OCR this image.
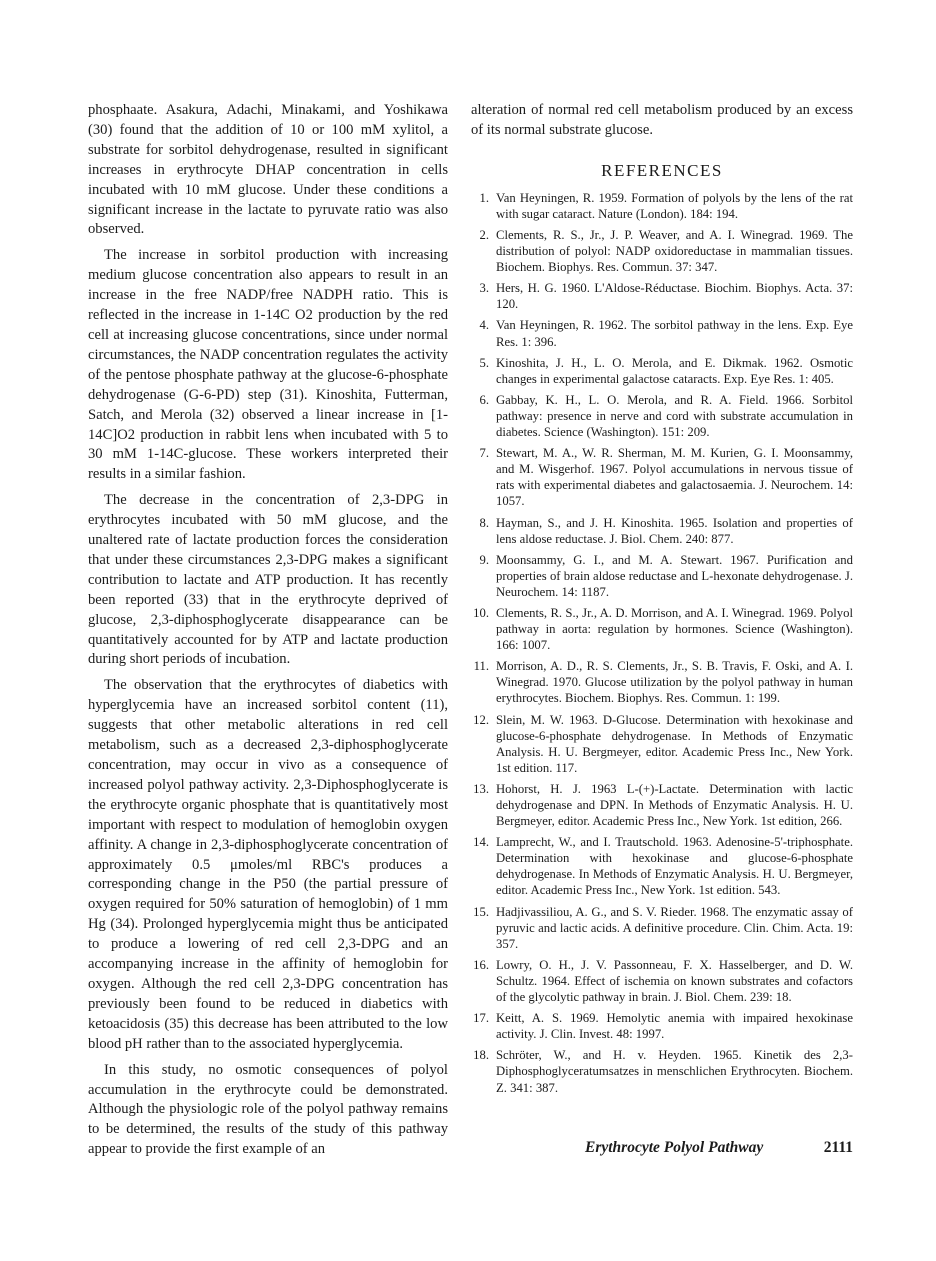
phosphaate. Asakura, Adachi, Minakami, and Yoshikawa (30) found that the addition of 10 or 100 mM xylitol, a substrate for sorbitol dehydrogenase, resulted in significant increases in erythrocyte DHAP concentration in cells incubated with 10 mM glucose. Under these conditions a significant increase in the lactate to pyruvate ratio was also observed.

The increase in sorbitol production with increasing medium glucose concentration also appears to result in an increase in the free NADP/free NADPH ratio. This is reflected in the increase in 1-14C O2 production by the red cell at increasing glucose concentrations, since under normal circumstances, the NADP concentration regulates the activity of the pentose phosphate pathway at the glucose-6-phosphate dehydrogenase (G-6-PD) step (31). Kinoshita, Futterman, Satch, and Merola (32) observed a linear increase in [1-14C]O2 production in rabbit lens when incubated with 5 to 30 mM 1-14C-glucose. These workers interpreted their results in a similar fashion.

The decrease in the concentration of 2,3-DPG in erythrocytes incubated with 50 mM glucose, and the unaltered rate of lactate production forces the consideration that under these circumstances 2,3-DPG makes a significant contribution to lactate and ATP production. It has recently been reported (33) that in the erythrocyte deprived of glucose, 2,3-diphosphoglycerate disappearance can be quantitatively accounted for by ATP and lactate production during short periods of incubation.

The observation that the erythrocytes of diabetics with hyperglycemia have an increased sorbitol content (11), suggests that other metabolic alterations in red cell metabolism, such as a decreased 2,3-diphosphoglycerate concentration, may occur in vivo as a consequence of increased polyol pathway activity. 2,3-Diphosphoglycerate is the erythrocyte organic phosphate that is quantitatively most important with respect to modulation of hemoglobin oxygen affinity. A change in 2,3-diphosphoglycerate concentration of approximately 0.5 μmoles/ml RBC's produces a corresponding change in the P50 (the partial pressure of oxygen required for 50% saturation of hemoglobin) of 1 mm Hg (34). Prolonged hyperglycemia might thus be anticipated to produce a lowering of red cell 2,3-DPG and an accompanying increase in the affinity of hemoglobin for oxygen. Although the red cell 2,3-DPG concentration has previously been found to be reduced in diabetics with ketoacidosis (35) this decrease has been attributed to the low blood pH rather than to the associated hyperglycemia.

In this study, no osmotic consequences of polyol accumulation in the erythrocyte could be demonstrated. Although the physiologic role of the polyol pathway remains to be determined, the results of the study of this pathway appear to provide the first example of an

alteration of normal red cell metabolism produced by an excess of its normal substrate glucose.

REFERENCES
1. Van Heyningen, R. 1959. Formation of polyols by the lens of the rat with sugar cataract. Nature (London). 184: 194.
2. Clements, R. S., Jr., J. P. Weaver, and A. I. Winegrad. 1969. The distribution of polyol: NADP oxidoreductase in mammalian tissues. Biochem. Biophys. Res. Commun. 37: 347.
3. Hers, H. G. 1960. L'Aldose-Réductase. Biochim. Biophys. Acta. 37: 120.
4. Van Heyningen, R. 1962. The sorbitol pathway in the lens. Exp. Eye Res. 1: 396.
5. Kinoshita, J. H., L. O. Merola, and E. Dikmak. 1962. Osmotic changes in experimental galactose cataracts. Exp. Eye Res. 1: 405.
6. Gabbay, K. H., L. O. Merola, and R. A. Field. 1966. Sorbitol pathway: presence in nerve and cord with substrate accumulation in diabetes. Science (Washington). 151: 209.
7. Stewart, M. A., W. R. Sherman, M. M. Kurien, G. I. Moonsammy, and M. Wisgerhof. 1967. Polyol accumulations in nervous tissue of rats with experimental diabetes and galactosaemia. J. Neurochem. 14: 1057.
8. Hayman, S., and J. H. Kinoshita. 1965. Isolation and properties of lens aldose reductase. J. Biol. Chem. 240: 877.
9. Moonsammy, G. I., and M. A. Stewart. 1967. Purification and properties of brain aldose reductase and L-hexonate dehydrogenase. J. Neurochem. 14: 1187.
10. Clements, R. S., Jr., A. D. Morrison, and A. I. Winegrad. 1969. Polyol pathway in aorta: regulation by hormones. Science (Washington). 166: 1007.
11. Morrison, A. D., R. S. Clements, Jr., S. B. Travis, F. Oski, and A. I. Winegrad. 1970. Glucose utilization by the polyol pathway in human erythrocytes. Biochem. Biophys. Res. Commun. 1: 199.
12. Slein, M. W. 1963. D-Glucose. Determination with hexokinase and glucose-6-phosphate dehydrogenase. In Methods of Enzymatic Analysis. H. U. Bergmeyer, editor. Academic Press Inc., New York. 1st edition. 117.
13. Hohorst, H. J. 1963 L-(+)-Lactate. Determination with lactic dehydrogenase and DPN. In Methods of Enzymatic Analysis. H. U. Bergmeyer, editor. Academic Press Inc., New York. 1st edition, 266.
14. Lamprecht, W., and I. Trautschold. 1963. Adenosine-5'-triphosphate. Determination with hexokinase and glucose-6-phosphate dehydrogenase. In Methods of Enzymatic Analysis. H. U. Bergmeyer, editor. Academic Press Inc., New York. 1st edition. 543.
15. Hadjivassiliou, A. G., and S. V. Rieder. 1968. The enzymatic assay of pyruvic and lactic acids. A definitive procedure. Clin. Chim. Acta. 19: 357.
16. Lowry, O. H., J. V. Passonneau, F. X. Hasselberger, and D. W. Schultz. 1964. Effect of ischemia on known substrates and cofactors of the glycolytic pathway in brain. J. Biol. Chem. 239: 18.
17. Keitt, A. S. 1969. Hemolytic anemia with impaired hexokinase activity. J. Clin. Invest. 48: 1997.
18. Schröter, W., and H. v. Heyden. 1965. Kinetik des 2,3-Diphosphoglyceratumsatzes in menschlichen Erythrocyten. Biochem. Z. 341: 387.
Erythrocyte Polyol Pathway	2111
